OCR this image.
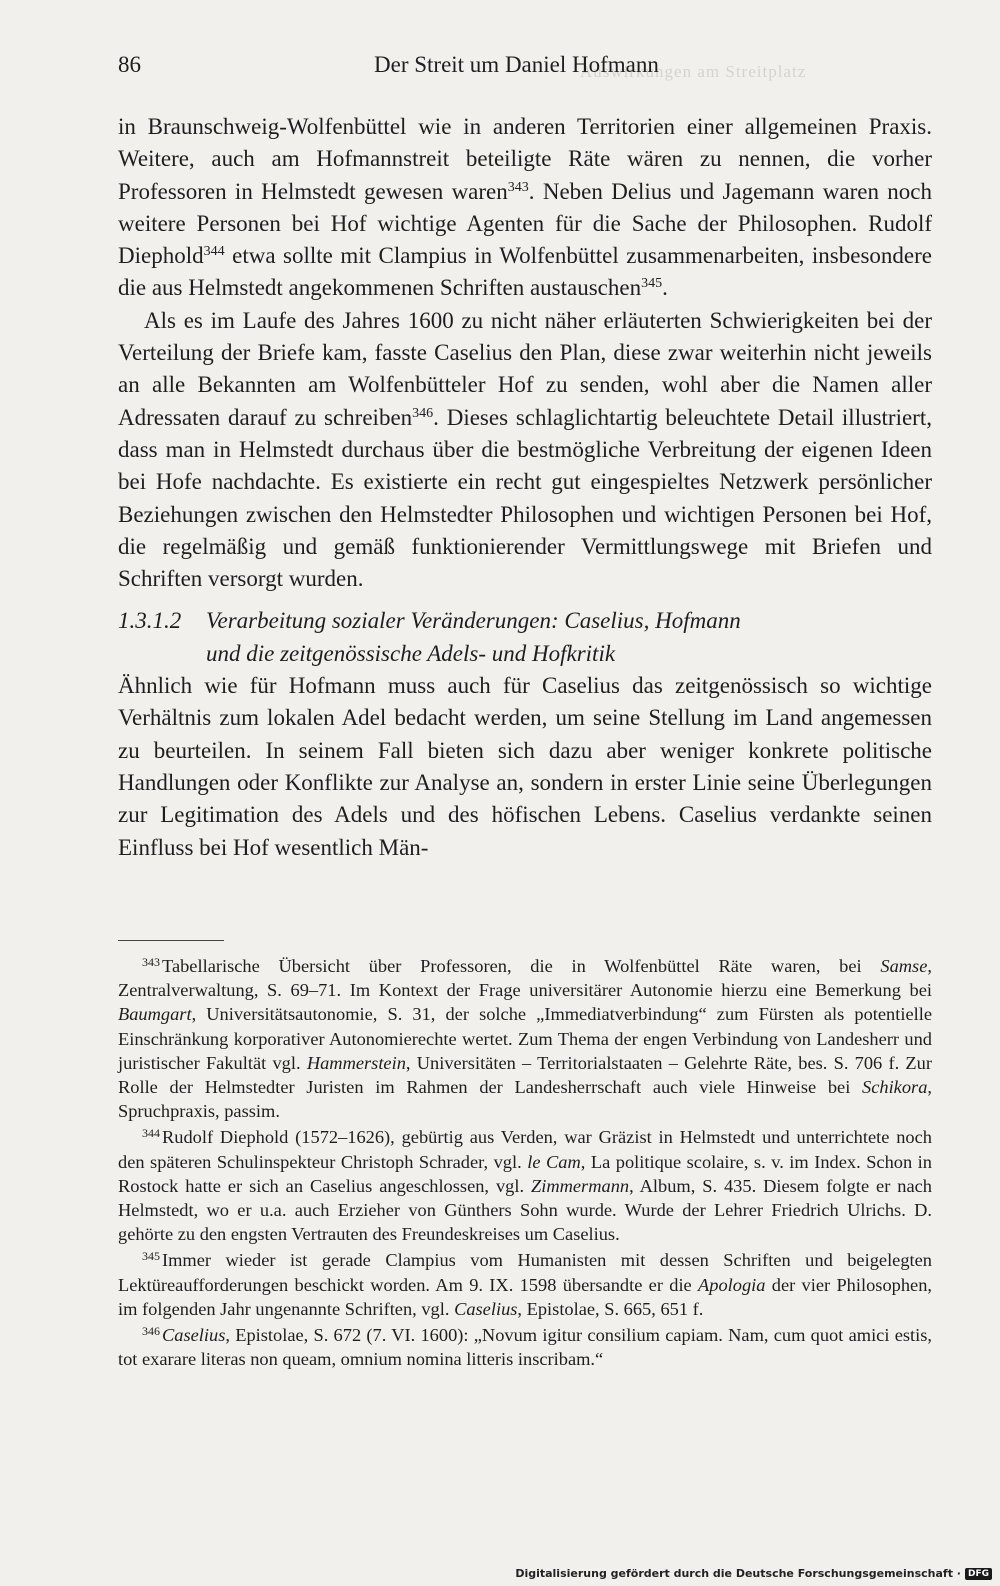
Auswirkungen am Streitplatz
86	Der Streit um Daniel Hofmann

in Braunschweig-Wolfenbüttel wie in anderen Territorien einer allgemeinen Praxis. Weitere, auch am Hofmannstreit beteiligte Räte wären zu nennen, die vorher Professoren in Helmstedt gewesen waren$^{343}$. Neben Delius und Jagemann waren noch weitere Personen bei Hof wichtige Agenten für die Sache der Philosophen. Rudolf Diephold$^{344}$ etwa sollte mit Clampius in Wolfenbüttel zusammenarbeiten, insbesondere die aus Helmstedt angekommenen Schriften austauschen$^{345}$.

Als es im Laufe des Jahres 1600 zu nicht näher erläuterten Schwierigkeiten bei der Verteilung der Briefe kam, fasste Caselius den Plan, diese zwar weiterhin nicht jeweils an alle Bekannten am Wolfenbütteler Hof zu senden, wohl aber die Namen aller Adressaten darauf zu schreiben$^{346}$. Dieses schlaglichtartig beleuchtete Detail illustriert, dass man in Helmstedt durchaus über die bestmögliche Verbreitung der eigenen Ideen bei Hofe nachdachte. Es existierte ein recht gut eingespieltes Netzwerk persönlicher Beziehungen zwischen den Helmstedter Philosophen und wichtigen Personen bei Hof, die regelmäßig und gemäß funktionierender Vermittlungswege mit Briefen und Schriften versorgt wurden.

1.3.1.2	Verarbeitung sozialer Veränderungen: Caselius, Hofmann
und die zeitgenössische Adels- und Hofkritik

Ähnlich wie für Hofmann muss auch für Caselius das zeitgenössisch so wichtige Verhältnis zum lokalen Adel bedacht werden, um seine Stellung im Land angemessen zu beurteilen. In seinem Fall bieten sich dazu aber weniger konkrete politische Handlungen oder Konflikte zur Analyse an, sondern in erster Linie seine Überlegungen zur Legitimation des Adels und des höfischen Lebens. Caselius verdankte seinen Einfluss bei Hof wesentlich Män-

$^{343}$ Tabellarische Übersicht über Professoren, die in Wolfenbüttel Räte waren, bei Samse, Zentralverwaltung, S. 69–71. Im Kontext der Frage universitärer Autonomie hierzu eine Bemerkung bei Baumgart, Universitätsautonomie, S. 31, der solche „Immediatverbindung“ zum Fürsten als potentielle Einschränkung korporativer Autonomierechte wertet. Zum Thema der engen Verbindung von Landesherr und juristischer Fakultät vgl. Hammerstein, Universitäten – Territorialstaaten – Gelehrte Räte, bes. S. 706 f. Zur Rolle der Helmstedter Juristen im Rahmen der Landesherrschaft auch viele Hinweise bei Schikora, Spruchpraxis, passim.

$^{344}$ Rudolf Diephold (1572–1626), gebürtig aus Verden, war Gräzist in Helmstedt und unterrichtete noch den späteren Schulinspekteur Christoph Schrader, vgl. le Cam, La politique scolaire, s. v. im Index. Schon in Rostock hatte er sich an Caselius angeschlossen, vgl. Zimmermann, Album, S. 435. Diesem folgte er nach Helmstedt, wo er u.a. auch Erzieher von Günthers Sohn wurde. Wurde der Lehrer Friedrich Ulrichs. D. gehörte zu den engsten Vertrauten des Freundeskreises um Caselius.

$^{345}$ Immer wieder ist gerade Clampius vom Humanisten mit dessen Schriften und beigelegten Lektüreaufforderungen beschickt worden. Am 9. IX. 1598 übersandte er die Apologia der vier Philosophen, im folgenden Jahr ungenannte Schriften, vgl. Caselius, Epistolae, S. 665, 651 f.

$^{346}$ Caselius, Epistolae, S. 672 (7. VI. 1600): „Novum igitur consilium capiam. Nam, cum quot amici estis, tot exarare literas non queam, omnium nomina litteris inscribam.“

Digitalisierung gefördert durch die Deutsche Forschungsgemeinschaft · DFG
